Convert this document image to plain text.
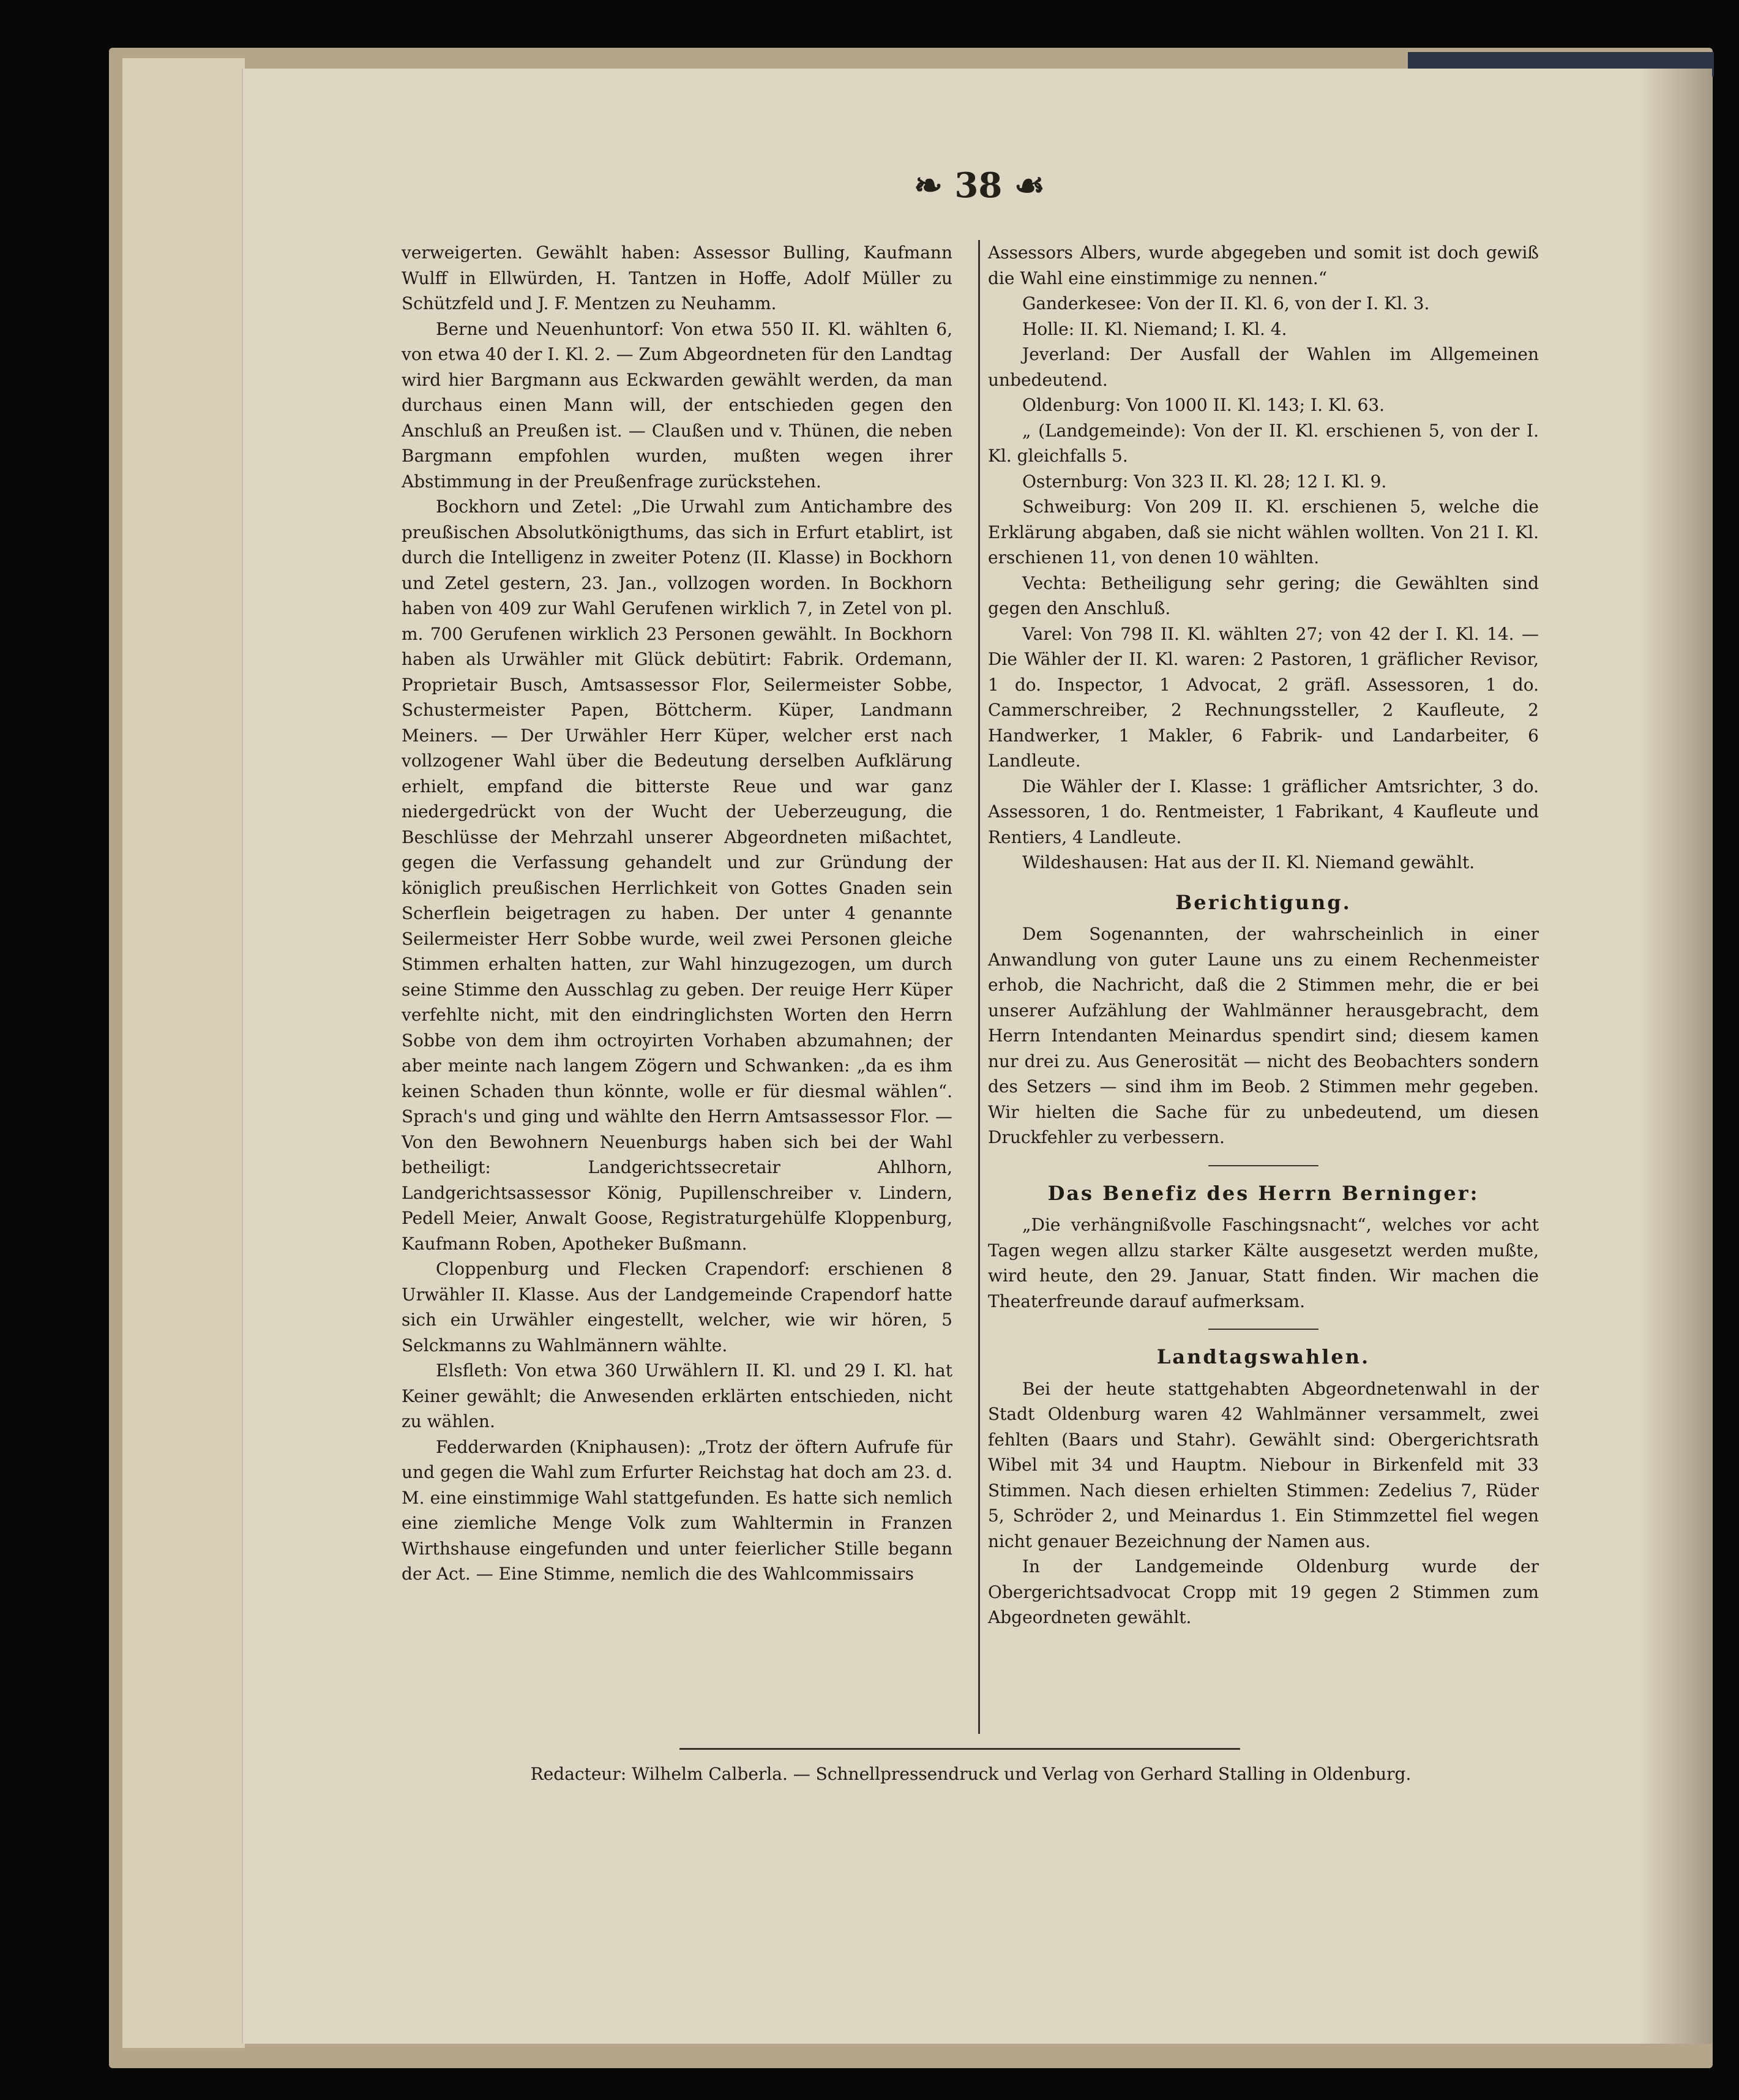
❧ 38 ☙

verweigerten. Gewählt haben: Assessor Bulling, Kaufmann Wulff in Ellwürden, H. Tantzen in Hoffe, Adolf Müller zu Schützfeld und J. F. Mentzen zu Neuhamm.

Berne und Neuenhuntorf: Von etwa 550 II. Kl. wählten 6, von etwa 40 der I. Kl. 2. — Zum Abgeordneten für den Landtag wird hier Bargmann aus Eckwarden gewählt werden, da man durchaus einen Mann will, der entschieden gegen den Anschluß an Preußen ist. — Claußen und v. Thünen, die neben Bargmann empfohlen wurden, mußten wegen ihrer Abstimmung in der Preußenfrage zurückstehen.

Bockhorn und Zetel: „Die Urwahl zum Antichambre des preußischen Absolutkönigthums, das sich in Erfurt etablirt, ist durch die Intelligenz in zweiter Potenz (II. Klasse) in Bockhorn und Zetel gestern, 23. Jan., vollzogen worden. In Bockhorn haben von 409 zur Wahl Gerufenen wirklich 7, in Zetel von pl. m. 700 Gerufenen wirklich 23 Personen gewählt. In Bockhorn haben als Urwähler mit Glück debütirt: Fabrik. Ordemann, Proprietair Busch, Amtsassessor Flor, Seilermeister Sobbe, Schustermeister Papen, Böttcherm. Küper, Landmann Meiners. — Der Urwähler Herr Küper, welcher erst nach vollzogener Wahl über die Bedeutung derselben Aufklärung erhielt, empfand die bitterste Reue und war ganz niedergedrückt von der Wucht der Ueberzeugung, die Beschlüsse der Mehrzahl unserer Abgeordneten mißachtet, gegen die Verfassung gehandelt und zur Gründung der königlich preußischen Herrlichkeit von Gottes Gnaden sein Scherflein beigetragen zu haben. Der unter 4 genannte Seilermeister Herr Sobbe wurde, weil zwei Personen gleiche Stimmen erhalten hatten, zur Wahl hinzugezogen, um durch seine Stimme den Ausschlag zu geben. Der reuige Herr Küper verfehlte nicht, mit den eindringlichsten Worten den Herrn Sobbe von dem ihm octroyirten Vorhaben abzumahnen; der aber meinte nach langem Zögern und Schwanken: „da es ihm keinen Schaden thun könnte, wolle er für diesmal wählen“. Sprach's und ging und wählte den Herrn Amtsassessor Flor. — Von den Bewohnern Neuenburgs haben sich bei der Wahl betheiligt: Landgerichtssecretair Ahlhorn, Landgerichtsassessor König, Pupillenschreiber v. Lindern, Pedell Meier, Anwalt Goose, Registraturgehülfe Kloppenburg, Kaufmann Roben, Apotheker Bußmann.

Cloppenburg und Flecken Crapendorf: erschienen 8 Urwähler II. Klasse. Aus der Landgemeinde Crapendorf hatte sich ein Urwähler eingestellt, welcher, wie wir hören, 5 Selckmanns zu Wahlmännern wählte.

Elsfleth: Von etwa 360 Urwählern II. Kl. und 29 I. Kl. hat Keiner gewählt; die Anwesenden erklärten entschieden, nicht zu wählen.

Fedderwarden (Kniphausen): „Trotz der öftern Aufrufe für und gegen die Wahl zum Erfurter Reichstag hat doch am 23. d. M. eine einstimmige Wahl stattgefunden. Es hatte sich nemlich eine ziemliche Menge Volk zum Wahltermin in Franzen Wirthshause eingefunden und unter feierlicher Stille begann der Act. — Eine Stimme, nemlich die des Wahlcommissairs

Assessors Albers, wurde abgegeben und somit ist doch gewiß die Wahl eine einstimmige zu nennen.“

Ganderkesee: Von der II. Kl. 6, von der I. Kl. 3.

Holle: II. Kl. Niemand; I. Kl. 4.

Jeverland: Der Ausfall der Wahlen im Allgemeinen unbedeutend.

Oldenburg: Von 1000 II. Kl. 143; I. Kl. 63.

„ (Landgemeinde): Von der II. Kl. erschienen 5, von der I. Kl. gleichfalls 5.

Osternburg: Von 323 II. Kl. 28; 12 I. Kl. 9.

Schweiburg: Von 209 II. Kl. erschienen 5, welche die Erklärung abgaben, daß sie nicht wählen wollten. Von 21 I. Kl. erschienen 11, von denen 10 wählten.

Vechta: Betheiligung sehr gering; die Gewählten sind gegen den Anschluß.

Varel: Von 798 II. Kl. wählten 27; von 42 der I. Kl. 14. — Die Wähler der II. Kl. waren: 2 Pastoren, 1 gräflicher Revisor, 1 do. Inspector, 1 Advocat, 2 gräfl. Assessoren, 1 do. Cammerschreiber, 2 Rechnungssteller, 2 Kaufleute, 2 Handwerker, 1 Makler, 6 Fabrik- und Landarbeiter, 6 Landleute.

Die Wähler der I. Klasse: 1 gräflicher Amtsrichter, 3 do. Assessoren, 1 do. Rentmeister, 1 Fabrikant, 4 Kaufleute und Rentiers, 4 Landleute.

Wildeshausen: Hat aus der II. Kl. Niemand gewählt.

Berichtigung.

Dem Sogenannten, der wahrscheinlich in einer Anwandlung von guter Laune uns zu einem Rechenmeister erhob, die Nachricht, daß die 2 Stimmen mehr, die er bei unserer Aufzählung der Wahlmänner herausgebracht, dem Herrn Intendanten Meinardus spendirt sind; diesem kamen nur drei zu. Aus Generosität — nicht des Beobachters sondern des Setzers — sind ihm im Beob. 2 Stimmen mehr gegeben. Wir hielten die Sache für zu unbedeutend, um diesen Druckfehler zu verbessern.

Das Benefiz des Herrn Berninger:

„Die verhängnißvolle Faschingsnacht“, welches vor acht Tagen wegen allzu starker Kälte ausgesetzt werden mußte, wird heute, den 29. Januar, Statt finden. Wir machen die Theaterfreunde darauf aufmerksam.

Landtagswahlen.

Bei der heute stattgehabten Abgeordnetenwahl in der Stadt Oldenburg waren 42 Wahlmänner versammelt, zwei fehlten (Baars und Stahr). Gewählt sind: Obergerichtsrath Wibel mit 34 und Hauptm. Niebour in Birkenfeld mit 33 Stimmen. Nach diesen erhielten Stimmen: Zedelius 7, Rüder 5, Schröder 2, und Meinardus 1. Ein Stimmzettel fiel wegen nicht genauer Bezeichnung der Namen aus.

In der Landgemeinde Oldenburg wurde der Obergerichtsadvocat Cropp mit 19 gegen 2 Stimmen zum Abgeordneten gewählt.

Redacteur: Wilhelm Calberla. — Schnellpressendruck und Verlag von Gerhard Stalling in Oldenburg.
